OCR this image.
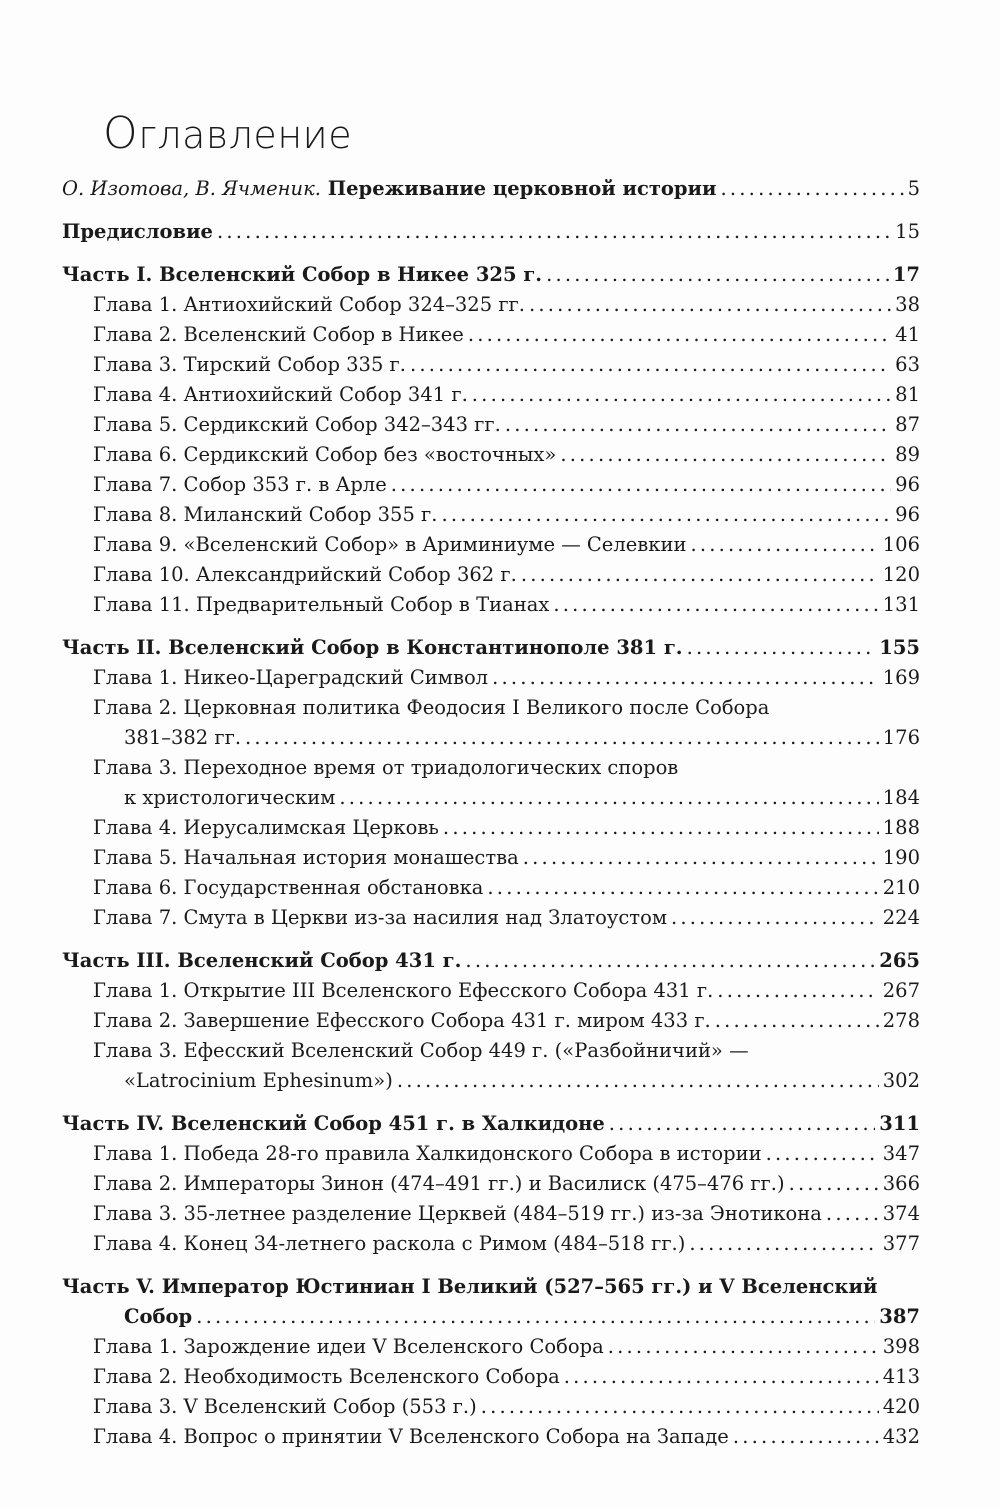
Оглавление
О. Изотова, В. Ячменик. Переживание церковной истории .....	5
Предисловие .....	15
Часть I. Вселенский Собор в Никее 325 г. .....	17
Глава 1. Антиохийский Собор 324–325 гг. .....	38
Глава 2. Вселенский Собор в Никее .....	41
Глава 3. Тирский Собор 335 г. .....	63
Глава 4. Антиохийский Собор 341 г. .....	81
Глава 5. Сердикский Собор 342–343 гг. .....	87
Глава 6. Сердикский Собор без «восточных» .....	89
Глава 7. Собор 353 г. в Арле .....	96
Глава 8. Миланский Собор 355 г. .....	96
Глава 9. «Вселенский Собор» в Ариминиуме — Селевкии .....	106
Глава 10. Александрийский Собор 362 г. .....	120
Глава 11. Предварительный Собор в Тианах .....	131
Часть II. Вселенский Собор в Константинополе 381 г. .....	155
Глава 1. Никео-Цареградский Символ .....	169
Глава 2. Церковная политика Феодосия I Великого после Собора
381–382 гг. .....	176
Глава 3. Переходное время от триадологических споров
к христологическим .....	184
Глава 4. Иерусалимская Церковь .....	188
Глава 5. Начальная история монашества .....	190
Глава 6. Государственная обстановка .....	210
Глава 7. Смута в Церкви из-за насилия над Златоустом .....	224
Часть III. Вселенский Собор 431 г. .....	265
Глава 1. Открытие III Вселенского Ефесского Собора 431 г. .....	267
Глава 2. Завершение Ефесского Собора 431 г. миром 433 г. .....	278
Глава 3. Ефесский Вселенский Собор 449 г. («Разбойничий» —
«Latrocinium Ephesinum») .....	302
Часть IV. Вселенский Собор 451 г. в Халкидоне .....	311
Глава 1. Победа 28-го правила Халкидонского Собора в истории .....	347
Глава 2. Императоры Зинон (474–491 гг.) и Василиск (475–476 гг.) .....	366
Глава 3. 35-летнее разделение Церквей (484–519 гг.) из-за Энотикона .....	374
Глава 4. Конец 34-летнего раскола с Римом (484–518 гг.) .....	377
Часть V. Император Юстиниан I Великий (527–565 гг.) и V Вселенский
Собор .....	387
Глава 1. Зарождение идеи V Вселенского Собора .....	398
Глава 2. Необходимость Вселенского Собора .....	413
Глава 3. V Вселенский Собор (553 г.) .....	420
Глава 4. Вопрос о принятии V Вселенского Собора на Западе .....	432
